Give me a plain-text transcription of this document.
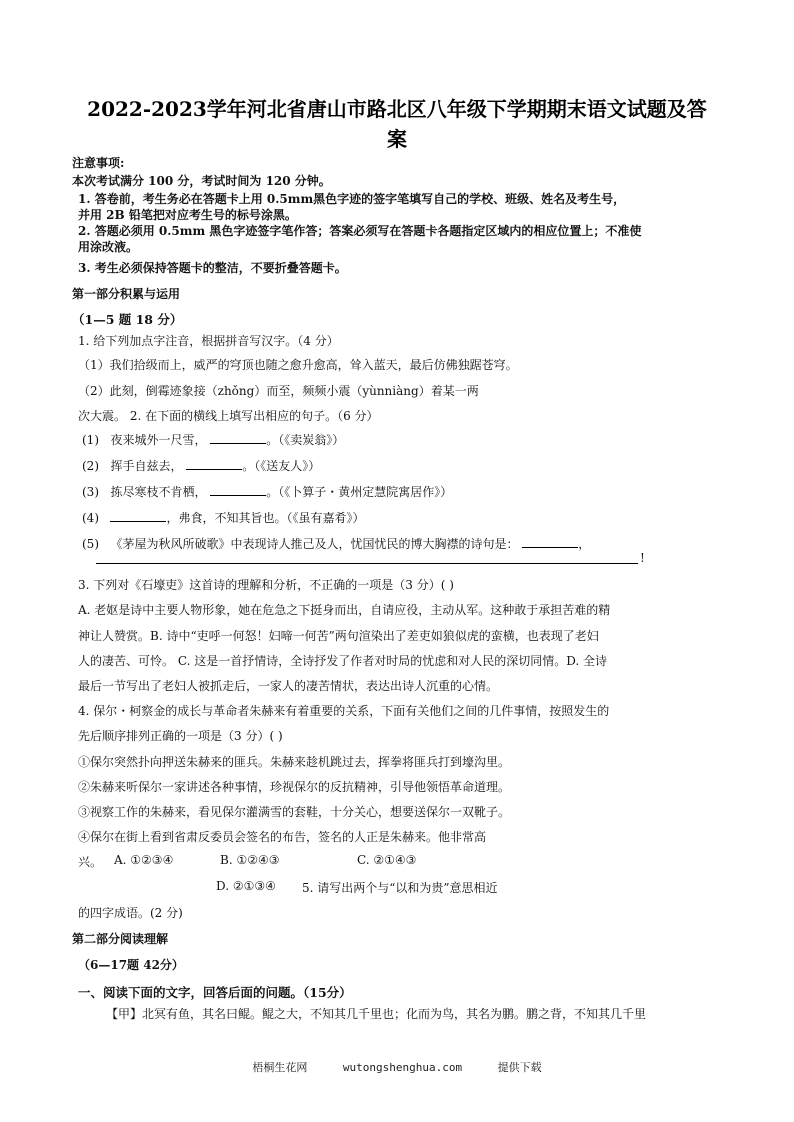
2022-2023学年河北省唐山市路北区八年级下学期期末语文试题及答
案
注意事项:
本次考试满分 100 分，考试时间为 120 分钟。
1. 答卷前，考生务必在答题卡上用 0.5mm黑色字迹的签字笔填写自己的学校、班级、姓名及考生号，
并用 2B 铅笔把对应考生号的标号涂黑。
2. 答题必须用 0.5mm 黑色字迹签字笔作答；答案必须写在答题卡各题指定区域内的相应位置上；不准使
用涂改液。
3. 考生必须保持答题卡的整洁，不要折叠答题卡。
第一部分积累与运用
（1—5 题 18 分）
1. 给下列加点字注音，根据拼音写汉字。（4 分）
（1）我们拾级而上，威严的穹顶也随之愈升愈高，耸入蓝天，最后仿佛独踞苍穹。
（2）此刻，倒霉迹象接（zhǒng）而至，频频小震（yùnniàng）着某一两
次大震。 2. 在下面的横线上填写出相应的句子。（6 分）
(1) 夜来城外一尺雪，	。（《卖炭翁》）
(2) 挥手自兹去，	。（《送友人》）
(3) 拣尽寒枝不肯栖，	。（《卜算子・黄州定慧院寓居作》）
(4)	，弗食，不知其旨也。（《虽有嘉肴》）
(5) 《茅屋为秋风所破歌》中表现诗人推己及人，忧国忧民的博大胸襟的诗句是：	，
!
3. 下列对《石壕吏》这首诗的理解和分析，不正确的一项是（3 分）( )
A. 老妪是诗中主要人物形象，她在危急之下挺身而出，自请应役，主动从军。这种敢于承担苦难的精
神让人赞赏。B. 诗中“吏呼一何怒！妇啼一何苦”两句渲染出了差吏如狼似虎的蛮横，也表现了老妇
人的凄苦、可怜。 C. 这是一首抒情诗，全诗抒发了作者对时局的忧虑和对人民的深切同情。D. 全诗
最后一节写出了老妇人被抓走后，一家人的凄苦情状，表达出诗人沉重的心情。
4. 保尔・柯察金的成长与革命者朱赫来有着重要的关系，下面有关他们之间的几件事情，按照发生的
先后顺序排列正确的一项是（3 分）( )
①保尔突然扑向押送朱赫来的匪兵。朱赫来趁机跳过去，挥拳将匪兵打到壕沟里。
②朱赫来听保尔一家讲述各种事情，珍视保尔的反抗精神，引导他领悟革命道理。
③视察工作的朱赫来，看见保尔灌满雪的套鞋，十分关心，想要送保尔一双靴子。
④保尔在街上看到省肃反委员会签名的布告，签名的人正是朱赫来。他非常高
兴。 A. ①②③④	B. ①②④③	C. ②①④③
D. ②①③④ 5. 请写出两个与“以和为贵”意思相近
的四字成语。(2 分)
第二部分阅读理解
（6—17题 42分）
一、阅读下面的文字，回答后面的问题。（15分）
【甲】北冥有鱼，其名曰鲲。鲲之大，不知其几千里也；化而为鸟，其名为鹏。鹏之背，不知其几千里
梧桐生花网	wutongshenghua.com	提供下载
